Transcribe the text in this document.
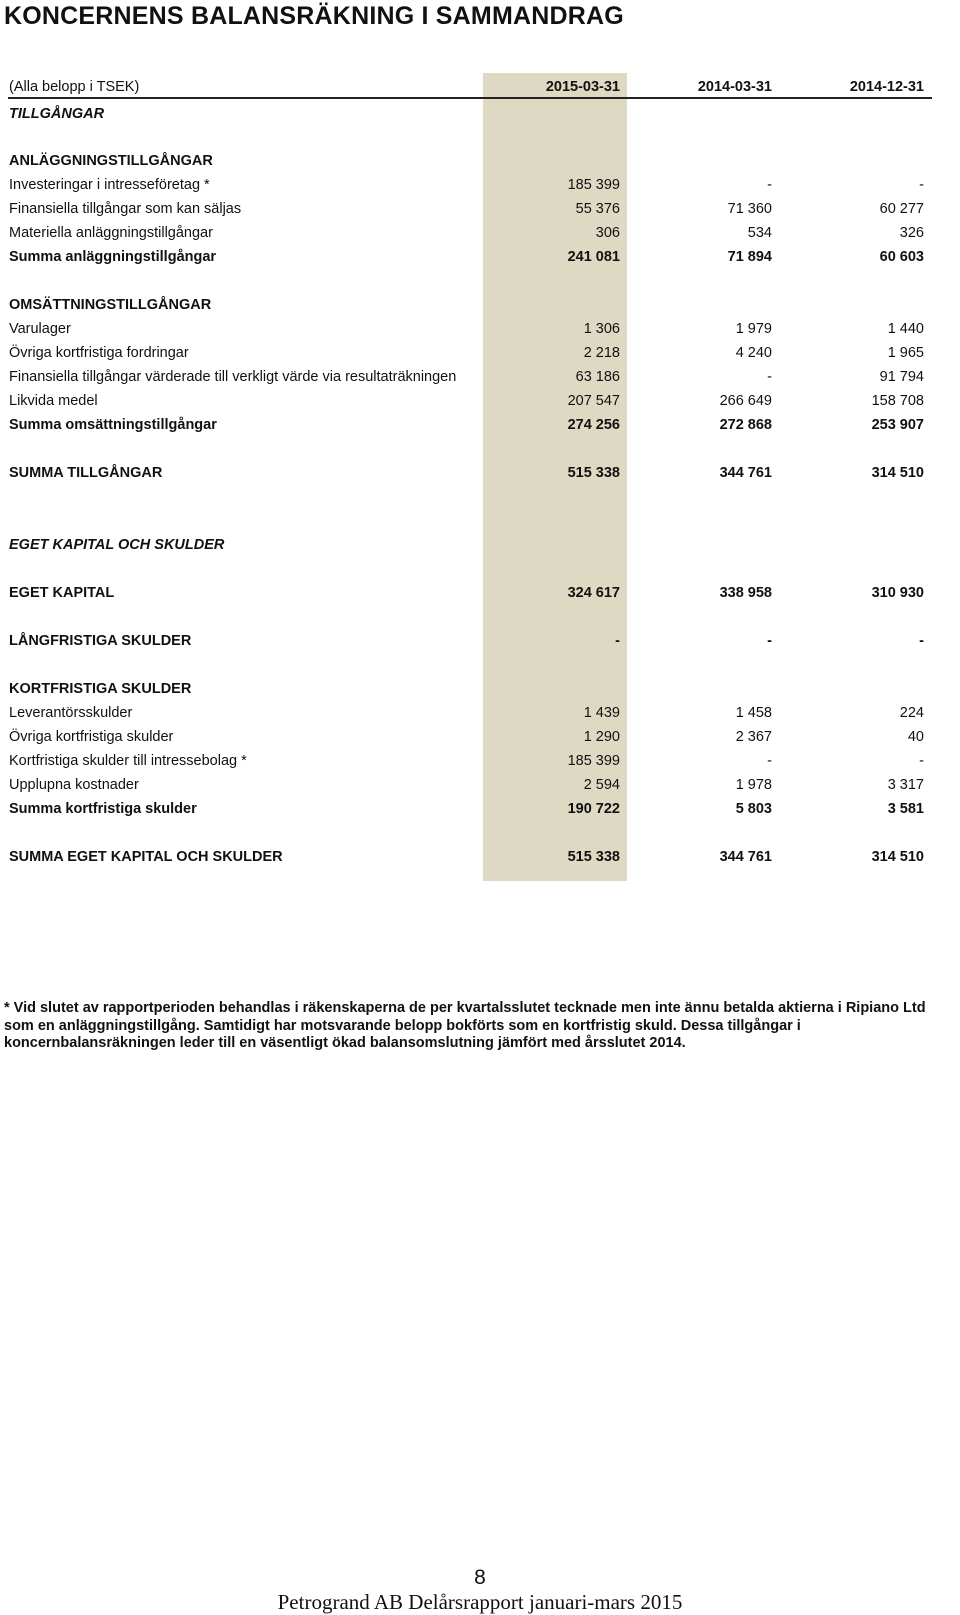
KONCERNENS BALANSRÄKNING I SAMMANDRAG
(Alla belopp i TSEK)	2015-03-31	2014-03-31	2014-12-31
TILLGÅNGAR
ANLÄGGNINGSTILLGÅNGAR
Investeringar i intresseföretag *	185 399	-	-
Finansiella tillgångar som kan säljas	55 376	71 360	60 277
Materiella anläggningstillgångar	306	534	326
Summa anläggningstillgångar	241 081	71 894	60 603
OMSÄTTNINGSTILLGÅNGAR
Varulager	1 306	1 979	1 440
Övriga kortfristiga fordringar	2 218	4 240	1 965
Finansiella tillgångar värderade till verkligt värde via resultaträkningen	63 186	-	91 794
Likvida medel	207 547	266 649	158 708
Summa omsättningstillgångar	274 256	272 868	253 907
SUMMA TILLGÅNGAR	515 338	344 761	314 510
EGET KAPITAL OCH SKULDER
EGET KAPITAL	324 617	338 958	310 930
LÅNGFRISTIGA SKULDER	-	-	-
KORTFRISTIGA SKULDER
Leverantörsskulder	1 439	1 458	224
Övriga kortfristiga skulder	1 290	2 367	40
Kortfristiga skulder till intressebolag *	185 399	-	-
Upplupna kostnader	2 594	1 978	3 317
Summa kortfristiga skulder	190 722	5 803	3 581
SUMMA EGET KAPITAL OCH SKULDER	515 338	344 761	314 510
* Vid slutet av rapportperioden behandlas i räkenskaperna de per kvartalsslutet tecknade men inte ännu betalda aktierna i Ripiano Ltd som en anläggningstillgång. Samtidigt har motsvarande belopp bokförts som en kortfristig skuld. Dessa tillgångar i koncernbalansräkningen leder till en väsentligt ökad balansomslutning jämfört med årsslutet 2014.
8
Petrogrand AB Delårsrapport januari-mars 2015
